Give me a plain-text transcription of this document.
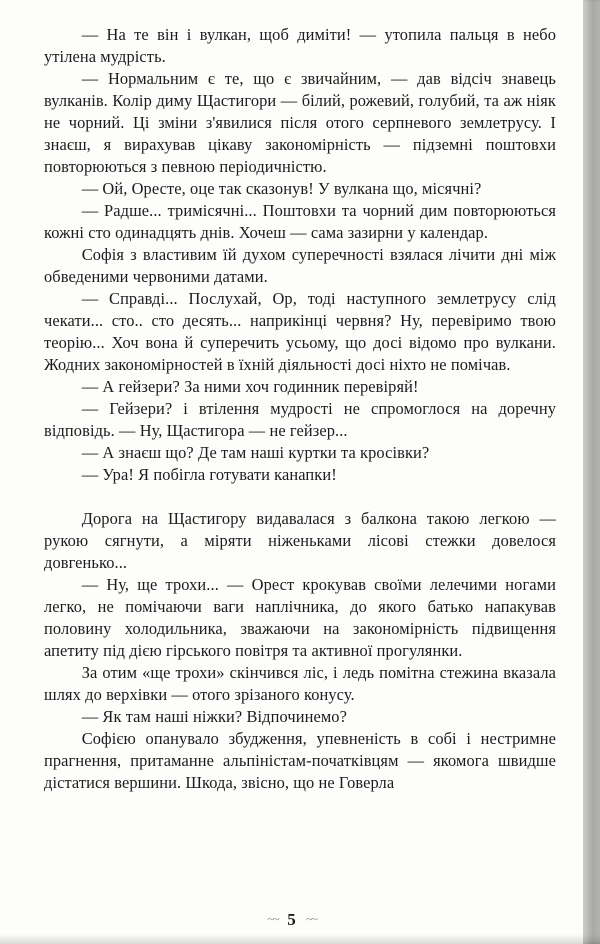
— На те він і вулкан, щоб диміти! — утопила пальця в небо утілена мудрість.

— Нормальним є те, що є звичайним, — дав відсіч знавець вулканів. Колір диму Щастигори — білий, рожевий, голубий, та аж ніяк не чорний. Ці зміни з'явилися після отого серпневого землетрусу. І знаєш, я вирахував цікаву закономірність — підземні поштовхи повторюються з певною періодичністю.

— Ой, Оресте, оце так сказонув! У вулкана що, місячні?

— Радше... тримісячні... Поштовхи та чорний дим повторюються кожні сто одинадцять днів. Хочеш — сама зазирни у календар.

Софія з властивим їй духом суперечності взялася лічити дні між обведеними червоними датами.

— Справді... Послухай, Ор, тоді наступного землетрусу слід чекати... сто.. сто десять... наприкінці червня? Ну, перевіримо твою теорію... Хоч вона й суперечить усьому, що досі відомо про вулкани. Жодних закономірностей в їхній діяльності досі ніхто не помічав.

— А гейзери? За ними хоч годинник перевіряй!

— Гейзери? і втілення мудрості не спромоглося на доречну відповідь. — Ну, Щастигора — не гейзер...

— А знаєш що? Де там наші куртки та кросівки?

— Ура! Я побігла готувати канапки!

Дорога на Щастигору видавалася з балкона такою легкою — рукою сягнути, а міряти ніженьками лісові стежки довелося довгенько...

— Ну, ще трохи... — Орест крокував своїми лелечими ногами легко, не помічаючи ваги наплічника, до якого батько напакував половину холодильника, зважаючи на закономірність підвищення апетиту під дією гірського повітря та активної прогулянки.

За отим «ще трохи» скінчився ліс, і ледь помітна стежина вказала шлях до верхівки — отого зрізаного конусу.

— Як там наші ніжки? Відпочинемо?

Софією опанувало збудження, упевненість в собі і нестримне прагнення, притаманне альпіністам-початківцям — якомога швидше дістатися вершини. Шкода, звісно, що не Говерла

~~ 5 ~~
